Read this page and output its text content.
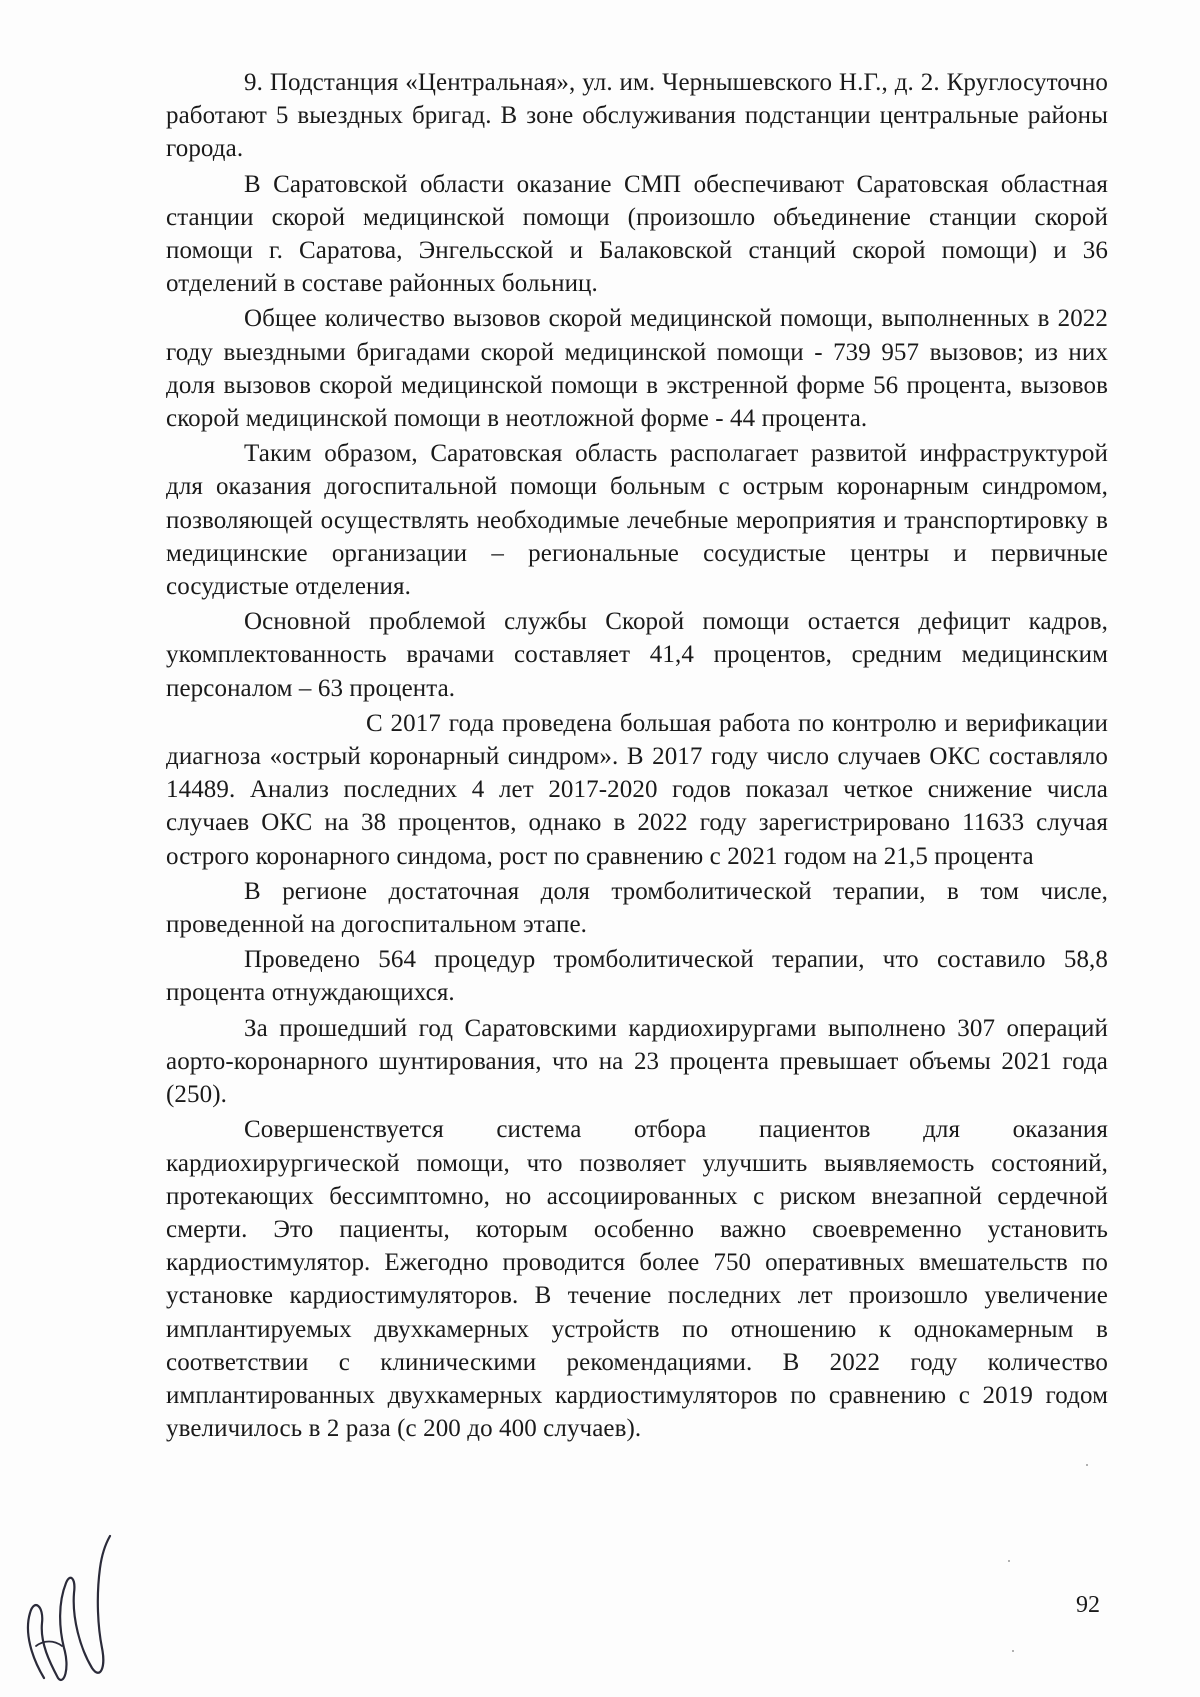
9. Подстанция «Центральная», ул. им. Чернышевского Н.Г., д. 2. Круглосуточно работают 5 выездных бригад. В зоне обслуживания подстанции центральные районы города.

В Саратовской области оказание СМП обеспечивают Саратовская областная станции скорой медицинской помощи (произошло объединение станции скорой помощи г. Саратова, Энгельсской и Балаковской станций скорой помощи) и 36 отделений в составе районных больниц.

Общее количество вызовов скорой медицинской помощи, выполненных в 2022 году выездными бригадами скорой медицинской помощи - 739 957 вызовов; из них доля вызовов скорой медицинской помощи в экстренной форме 56 процента, вызовов скорой медицинской помощи в неотложной форме - 44 процента.

Таким образом, Саратовская область располагает развитой инфраструктурой для оказания догоспитальной помощи больным с острым коронарным синдромом, позволяющей осуществлять необходимые лечебные мероприятия и транспортировку в медицинские организации – региональные сосудистые центры и первичные сосудистые отделения.

Основной проблемой службы Скорой помощи остается дефицит кадров, укомплектованность врачами составляет 41,4 процентов, средним медицинским персоналом – 63 процента.

С 2017 года проведена большая работа по контролю и верификации диагноза «острый коронарный синдром». В 2017 году число случаев ОКС составляло 14489. Анализ последних 4 лет 2017-2020 годов показал четкое снижение числа случаев ОКС на 38 процентов, однако в 2022 году зарегистрировано 11633 случая острого коронарного синдома, рост по сравнению с 2021 годом на 21,5 процента

В регионе достаточная доля тромболитической терапии, в том числе, проведенной на догоспитальном этапе.

Проведено 564 процедур тромболитической терапии, что составило 58,8 процента отнуждающихся.

За прошедший год Саратовскими кардиохирургами выполнено 307 операций аорто-коронарного шунтирования, что на 23 процента превышает объемы 2021 года (250).

Совершенствуется система отбора пациентов для оказания кардиохирургической помощи, что позволяет улучшить выявляемость состояний, протекающих бессимптомно, но ассоциированных с риском внезапной сердечной смерти. Это пациенты, которым особенно важно своевременно установить кардиостимулятор. Ежегодно проводится более 750 оперативных вмешательств по установке кардиостимуляторов. В течение последних лет произошло увеличение имплантируемых двухкамерных устройств по отношению к однокамерным в соответствии с клиническими рекомендациями. В 2022 году количество имплантированных двухкамерных кардиостимуляторов по сравнению с 2019 годом увеличилось в 2 раза (с 200 до 400 случаев).

92
